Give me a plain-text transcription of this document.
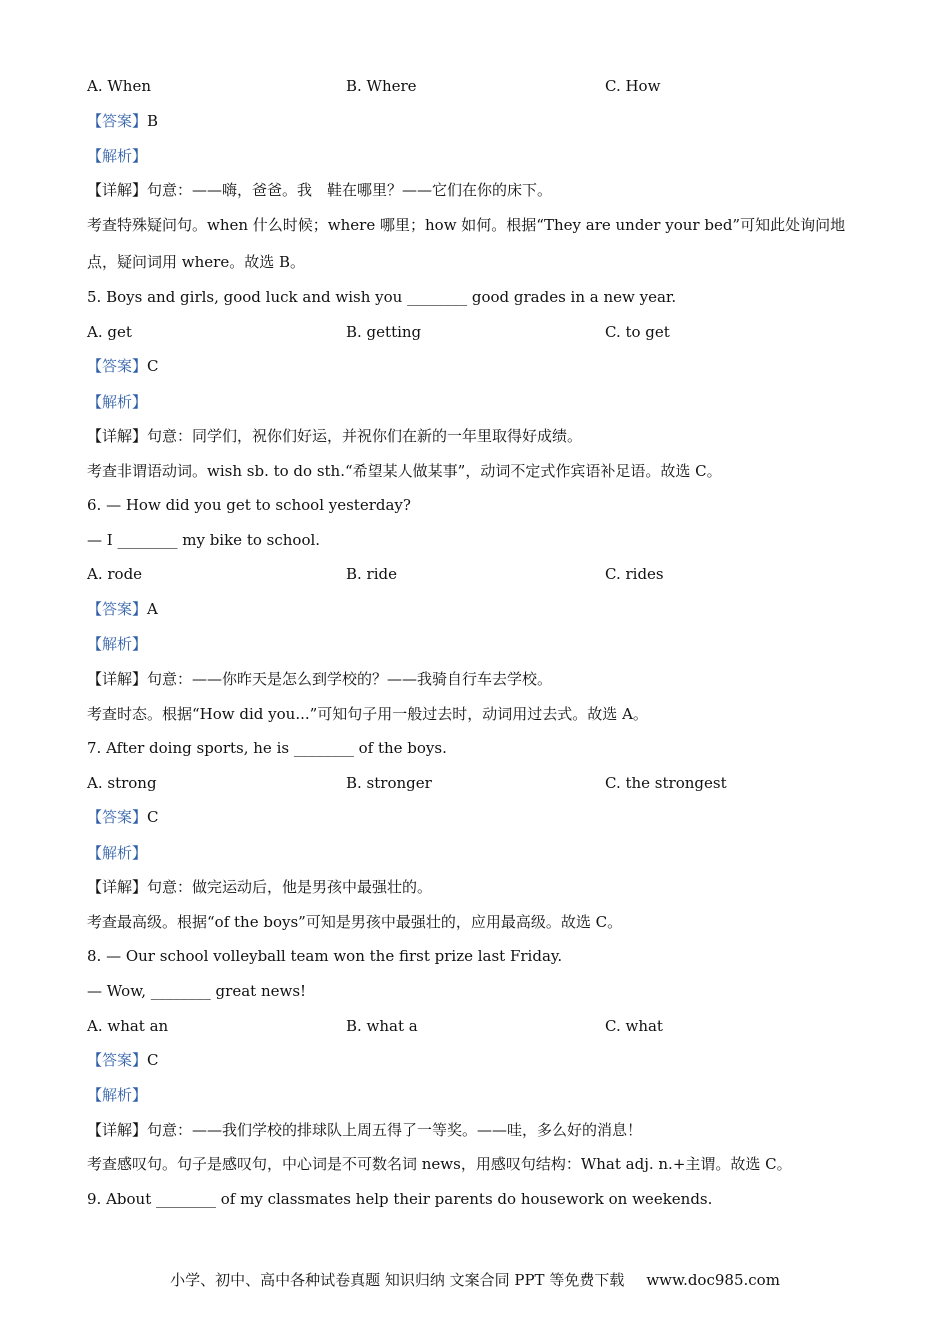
A. When	B. Where	C. How
【答案】B
【解析】
【详解】句意：——嗨，爸爸。我　鞋在哪里？——它们在你的床下。
考查特殊疑问句。when 什么时候；where 哪里；how 如何。根据“They are under your bed”可知此处询问地
点，疑问词用 where。故选 B。
5. Boys and girls, good luck and wish you ________ good grades in a new year.
A. get	B. getting	C. to get
【答案】C
【解析】
【详解】句意：同学们，祝你们好运，并祝你们在新的一年里取得好成绩。
考查非谓语动词。wish sb. to do sth.“希望某人做某事”，动词不定式作宾语补足语。故选 C。
6. — How did you get to school yesterday?
— I ________ my bike to school.
A. rode	B. ride	C. rides
【答案】A
【解析】
【详解】句意：——你昨天是怎么到学校的？——我骑自行车去学校。
考查时态。根据“How did you...”可知句子用一般过去时，动词用过去式。故选 A。
7. After doing sports, he is ________ of the boys.
A. strong	B. stronger	C. the strongest
【答案】C
【解析】
【详解】句意：做完运动后，他是男孩中最强壮的。
考查最高级。根据“of the boys”可知是男孩中最强壮的，应用最高级。故选 C。
8. — Our school volleyball team won the first prize last Friday.
— Wow, ________ great news!
A. what an	B. what a	C. what
【答案】C
【解析】
【详解】句意：——我们学校的排球队上周五得了一等奖。——哇，多么好的消息！
考查感叹句。句子是感叹句，中心词是不可数名词 news，用感叹句结构：What adj. n.+主谓。故选 C。
9. About ________ of my classmates help their parents do housework on weekends.
小学、初中、高中各种试卷真题 知识归纳 文案合同 PPT 等免费下载 www.doc985.com
